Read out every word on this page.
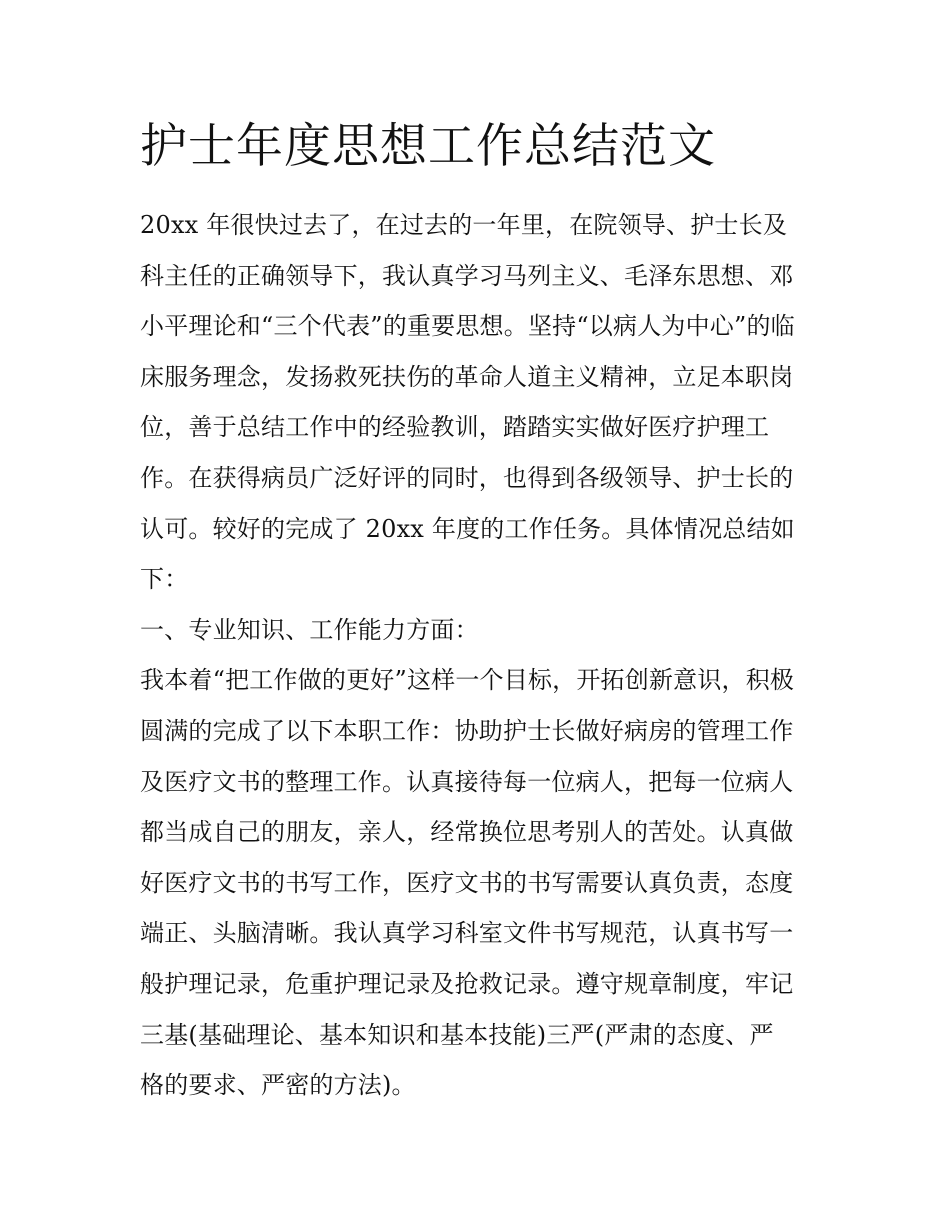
护士年度思想工作总结范文
20xx 年很快过去了，在过去的一年里，在院领导、护士长及
科主任的正确领导下，我认真学习马列主义、毛泽东思想、邓
小平理论和“三个代表”的重要思想。坚持“以病人为中心”的临
床服务理念，发扬救死扶伤的革命人道主义精神，立足本职岗
位，善于总结工作中的经验教训，踏踏实实做好医疗护理工
作。在获得病员广泛好评的同时，也得到各级领导、护士长的
认可。较好的完成了 20xx 年度的工作任务。具体情况总结如
下：
一、专业知识、工作能力方面：
我本着“把工作做的更好”这样一个目标，开拓创新意识，积极
圆满的完成了以下本职工作：协助护士长做好病房的管理工作
及医疗文书的整理工作。认真接待每一位病人，把每一位病人
都当成自己的朋友，亲人，经常换位思考别人的苦处。认真做
好医疗文书的书写工作，医疗文书的书写需要认真负责，态度
端正、头脑清晰。我认真学习科室文件书写规范，认真书写一
般护理记录，危重护理记录及抢救记录。遵守规章制度，牢记
三基(基础理论、基本知识和基本技能)三严(严肃的态度、严
格的要求、严密的方法)。
